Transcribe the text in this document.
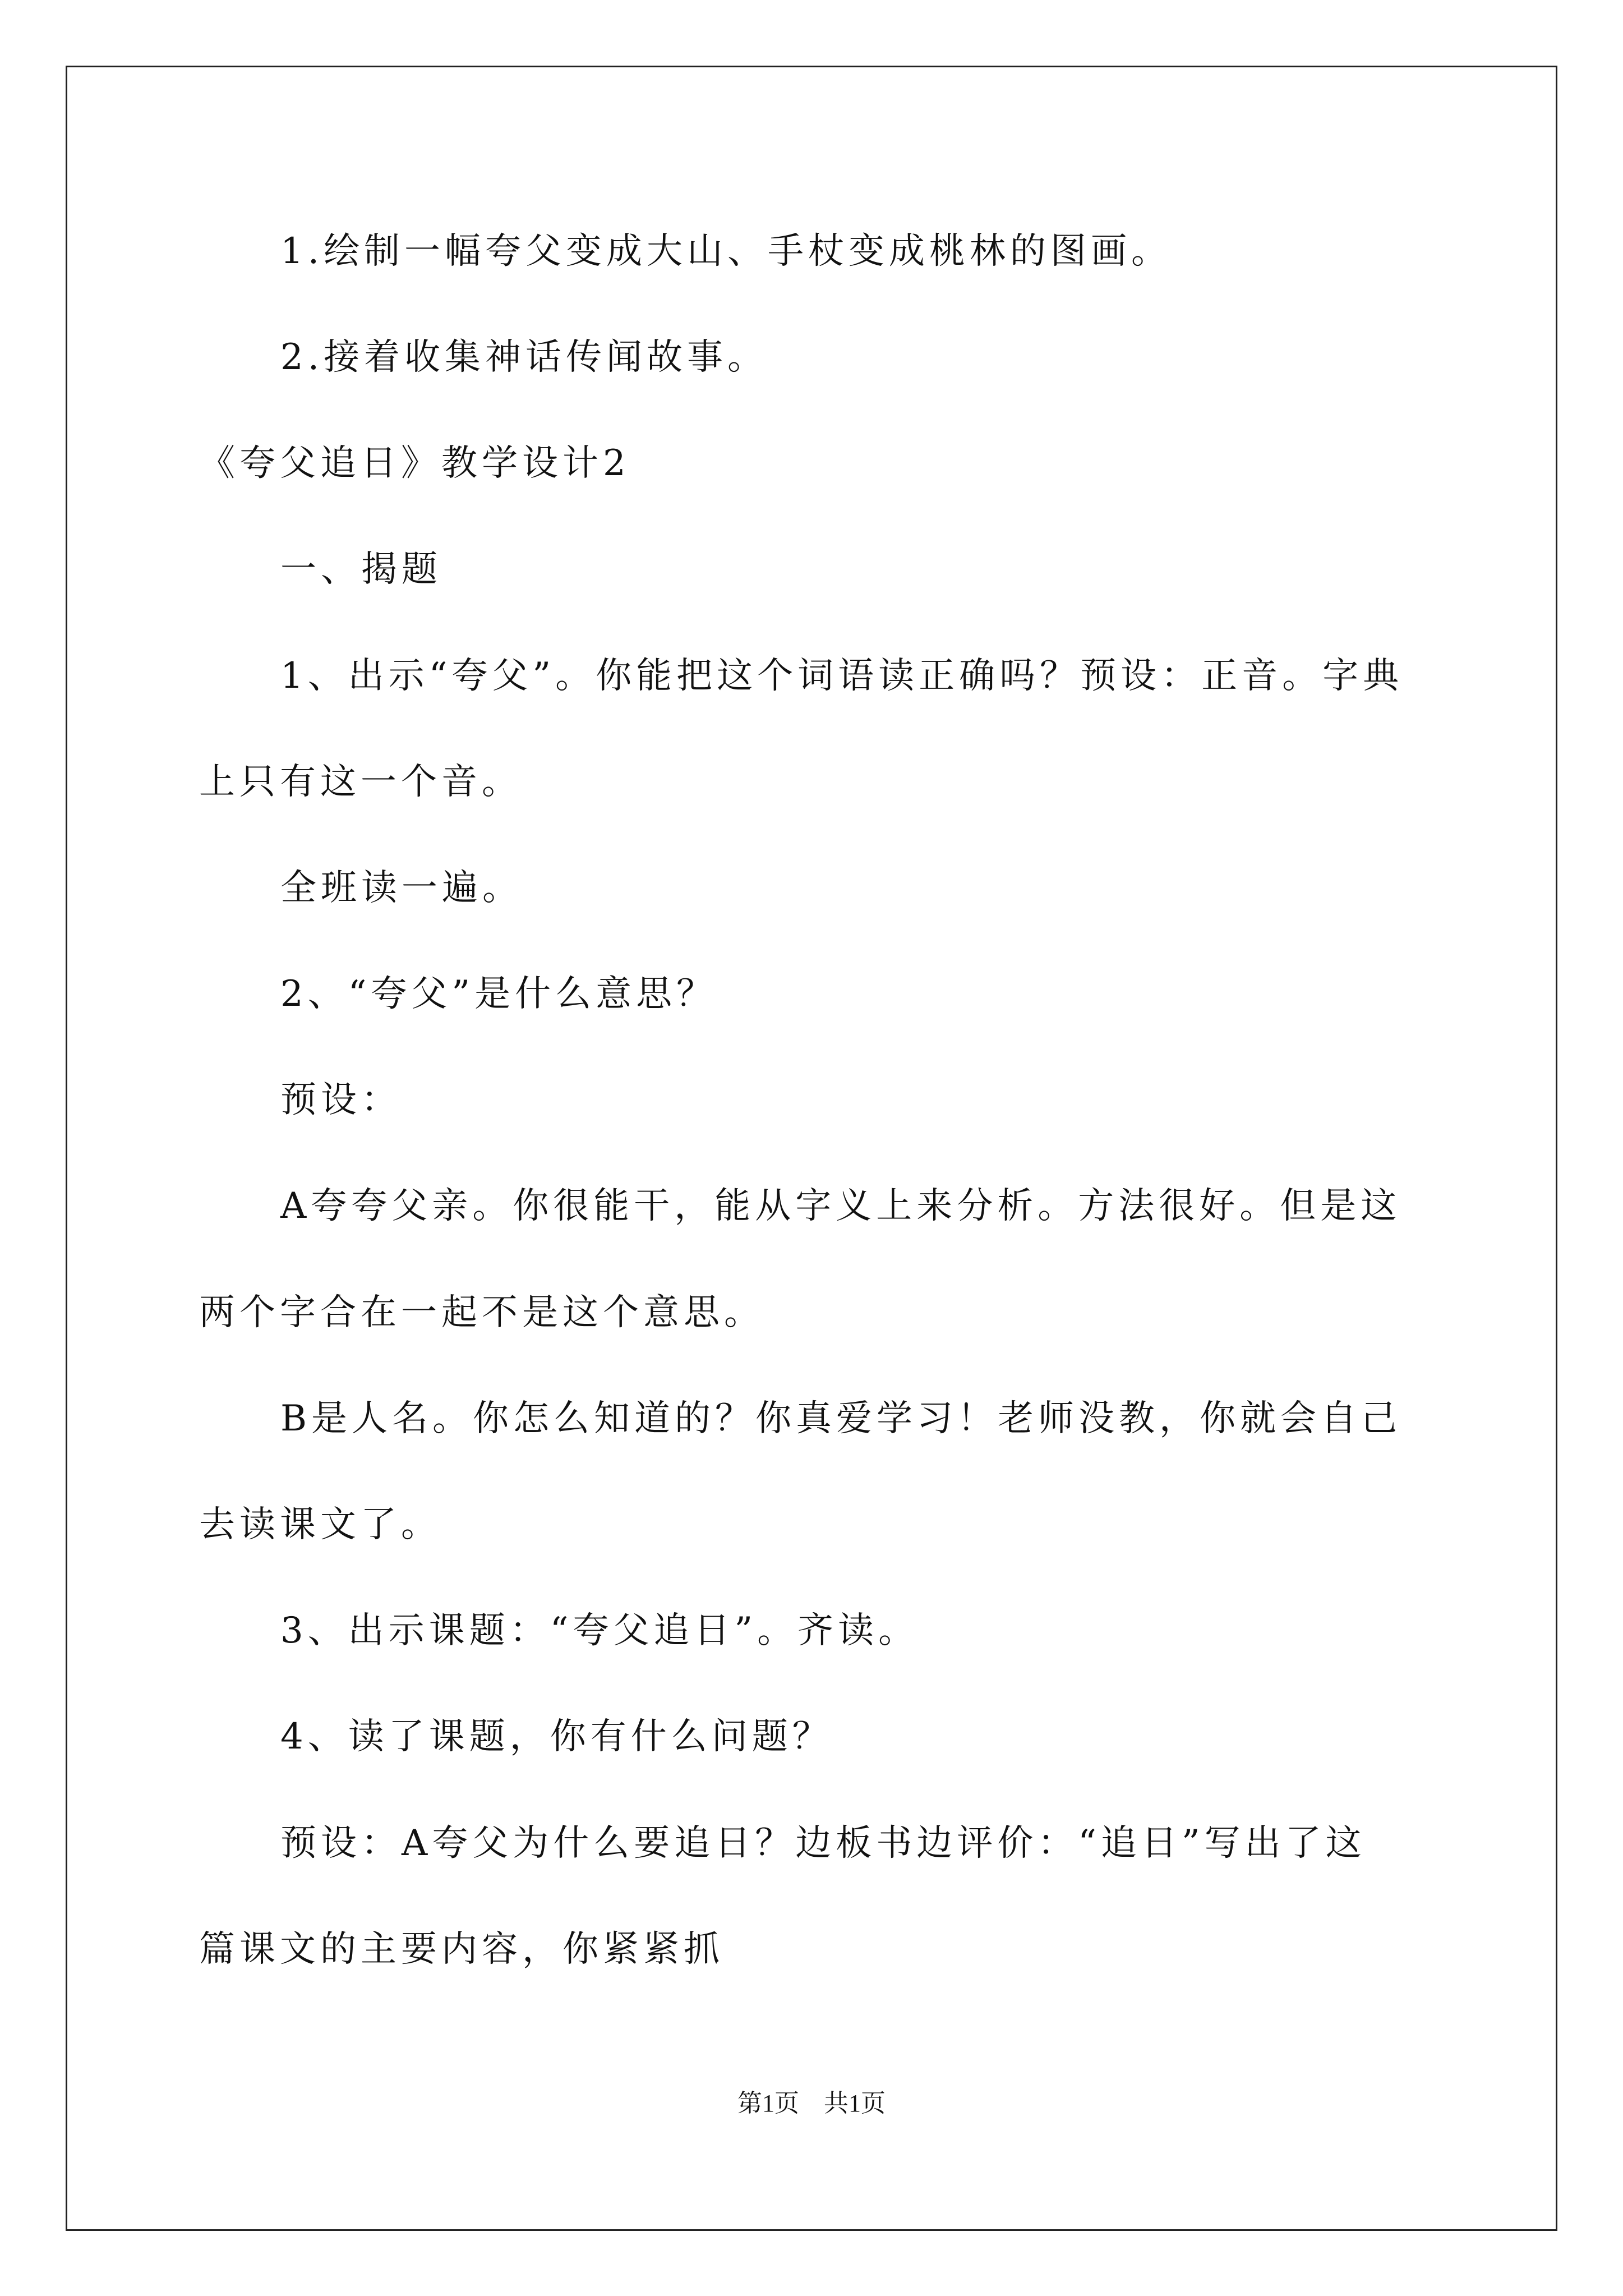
1.绘制一幅夸父变成大山、手杖变成桃林的图画。
2.接着收集神话传闻故事。
《夸父追日》教学设计2
一、揭题
1、出示“夸父”。你能把这个词语读正确吗？预设：正音。字典
上只有这一个音。
全班读一遍。
2、“夸父”是什么意思？
预设：
A夸夸父亲。你很能干，能从字义上来分析。方法很好。但是这
两个字合在一起不是这个意思。
B是人名。你怎么知道的？你真爱学习！老师没教，你就会自己
去读课文了。
3、出示课题：“夸父追日”。齐读。
4、读了课题，你有什么问题？
预设：A夸父为什么要追日？边板书边评价：“追日”写出了这
篇课文的主要内容，你紧紧抓
第1页　共1页
